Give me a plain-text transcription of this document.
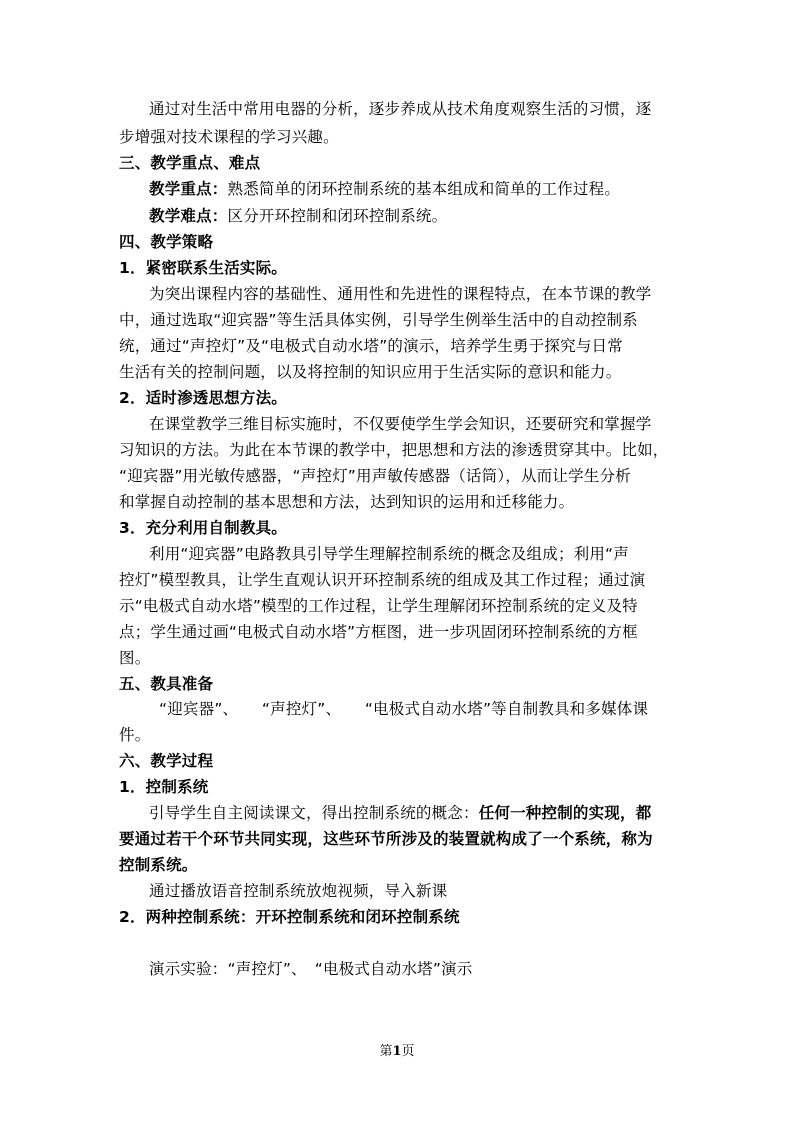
通过对生活中常用电器的分析，逐步养成从技术角度观察生活的习惯，逐
步增强对技术课程的学习兴趣。
三、教学重点、难点
教学重点：熟悉简单的闭环控制系统的基本组成和简单的工作过程。
教学难点：区分开环控制和闭环控制系统。
四、教学策略
1．紧密联系生活实际。
为突出课程内容的基础性、通用性和先进性的课程特点，在本节课的教学
中，通过选取“迎宾器”等生活具体实例，引导学生例举生活中的自动控制系
统，通过“声控灯”及“电极式自动水塔”的演示，培养学生勇于探究与日常
生活有关的控制问题，以及将控制的知识应用于生活实际的意识和能力。
2．适时渗透思想方法。
在课堂教学三维目标实施时，不仅要使学生学会知识，还要研究和掌握学
习知识的方法。为此在本节课的教学中，把思想和方法的渗透贯穿其中。比如，
“迎宾器”用光敏传感器，“声控灯”用声敏传感器（话筒），从而让学生分析
和掌握自动控制的基本思想和方法，达到知识的运用和迁移能力。
3．充分利用自制教具。
利用“迎宾器”电路教具引导学生理解控制系统的概念及组成；利用“声
控灯”模型教具，让学生直观认识开环控制系统的组成及其工作过程；通过演
示“电极式自动水塔”模型的工作过程，让学生理解闭环控制系统的定义及特
点；学生通过画“电极式自动水塔”方框图，进一步巩固闭环控制系统的方框
图。
五、教具准备
“迎宾器”、　　“声控灯”、　　“电极式自动水塔”等自制教具和多媒体课
件。
六、教学过程
1．控制系统
引导学生自主阅读课文，得出控制系统的概念：任何一种控制的实现，都
要通过若干个环节共同实现，这些环节所涉及的装置就构成了一个系统，称为
控制系统。
通过播放语音控制系统放炮视频，导入新课
2．两种控制系统：开环控制系统和闭环控制系统
演示实验：“声控灯”、　“电极式自动水塔”演示
第1页
